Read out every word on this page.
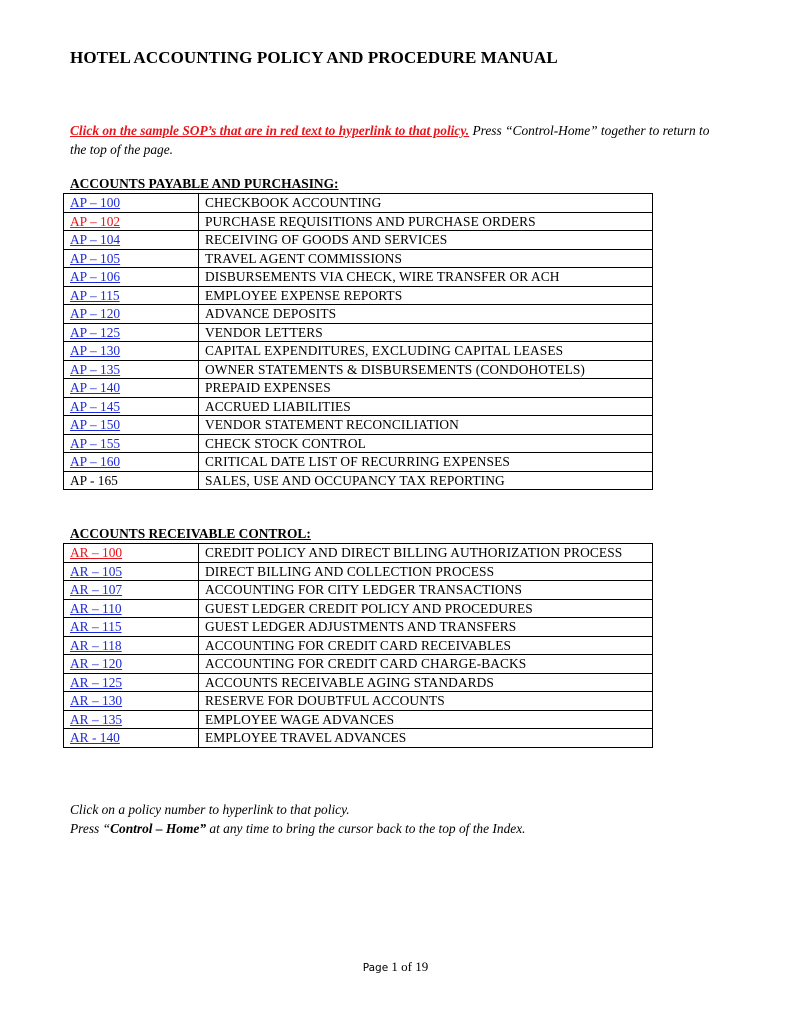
HOTEL ACCOUNTING POLICY AND PROCEDURE MANUAL
Click on the sample SOP’s that are in red text to hyperlink to that policy. Press “Control-Home” together to return to the top of the page.
ACCOUNTS PAYABLE AND PURCHASING:
AP – 100	CHECKBOOK ACCOUNTING
AP – 102	PURCHASE REQUISITIONS AND PURCHASE ORDERS
AP – 104	RECEIVING OF GOODS AND SERVICES
AP – 105	TRAVEL AGENT COMMISSIONS
AP – 106	DISBURSEMENTS VIA CHECK, WIRE TRANSFER OR ACH
AP – 115	EMPLOYEE EXPENSE REPORTS
AP – 120	ADVANCE DEPOSITS
AP – 125	VENDOR LETTERS
AP – 130	CAPITAL EXPENDITURES, EXCLUDING CAPITAL LEASES
AP – 135	OWNER STATEMENTS & DISBURSEMENTS (CONDOHOTELS)
AP – 140	PREPAID EXPENSES
AP – 145	ACCRUED LIABILITIES
AP – 150	VENDOR STATEMENT RECONCILIATION
AP – 155	CHECK STOCK CONTROL
AP – 160	CRITICAL DATE LIST OF RECURRING EXPENSES
AP - 165	SALES, USE AND OCCUPANCY TAX REPORTING
ACCOUNTS RECEIVABLE CONTROL:
AR – 100	CREDIT POLICY AND DIRECT BILLING AUTHORIZATION PROCESS
AR – 105	DIRECT BILLING AND COLLECTION PROCESS
AR – 107	ACCOUNTING FOR CITY LEDGER TRANSACTIONS
AR – 110	GUEST LEDGER CREDIT POLICY AND PROCEDURES
AR – 115	GUEST LEDGER ADJUSTMENTS AND TRANSFERS
AR – 118	ACCOUNTING FOR CREDIT CARD RECEIVABLES
AR – 120	ACCOUNTING FOR CREDIT CARD CHARGE-BACKS
AR – 125	ACCOUNTS RECEIVABLE AGING STANDARDS
AR – 130	RESERVE FOR DOUBTFUL ACCOUNTS
AR – 135	EMPLOYEE WAGE ADVANCES
AR - 140	EMPLOYEE TRAVEL ADVANCES
Click on a policy number to hyperlink to that policy.
Press “Control – Home” at any time to bring the cursor back to the top of the Index.
Page 1 of 19
